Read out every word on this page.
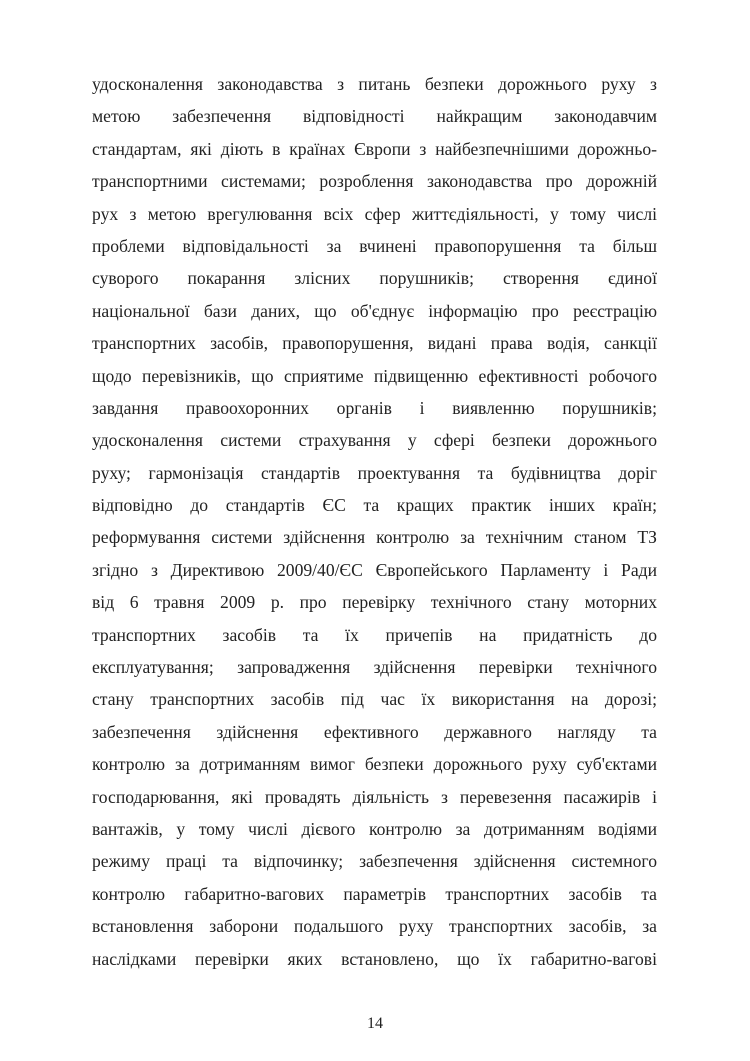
удосконалення законодавства з питань безпеки дорожнього руху з
метою забезпечення відповідності найкращим законодавчим
стандартам, які діють в країнах Європи з найбезпечнішими дорожньо-
транспортними системами; розроблення законодавства про дорожній
рух з метою врегулювання всіх сфер життєдіяльності, у тому числі
проблеми відповідальності за вчинені правопорушення та більш
суворого покарання злісних порушників; створення єдиної
національної бази даних, що об'єднує інформацію про реєстрацію
транспортних засобів, правопорушення, видані права водія, санкції
щодо перевізників, що сприятиме підвищенню ефективності робочого
завдання правоохоронних органів і виявленню порушників;
удосконалення системи страхування у сфері безпеки дорожнього
руху; гармонізація стандартів проектування та будівництва доріг
відповідно до стандартів ЄС та кращих практик інших країн;
реформування системи здійснення контролю за технічним станом ТЗ
згідно з Директивою 2009/40/ЄС Європейського Парламенту і Ради
від 6 травня 2009 р. про перевірку технічного стану моторних
транспортних засобів та їх причепів на придатність до
експлуатування; запровадження здійснення перевірки технічного
стану транспортних засобів під час їх використання на дорозі;
забезпечення здійснення ефективного державного нагляду та
контролю за дотриманням вимог безпеки дорожнього руху суб'єктами
господарювання, які провадять діяльність з перевезення пасажирів і
вантажів, у тому числі дієвого контролю за дотриманням водіями
режиму праці та відпочинку; забезпечення здійснення системного
контролю габаритно-вагових параметрів транспортних засобів та
встановлення заборони подальшого руху транспортних засобів, за
наслідками перевірки яких встановлено, що їх габаритно-вагові
14
